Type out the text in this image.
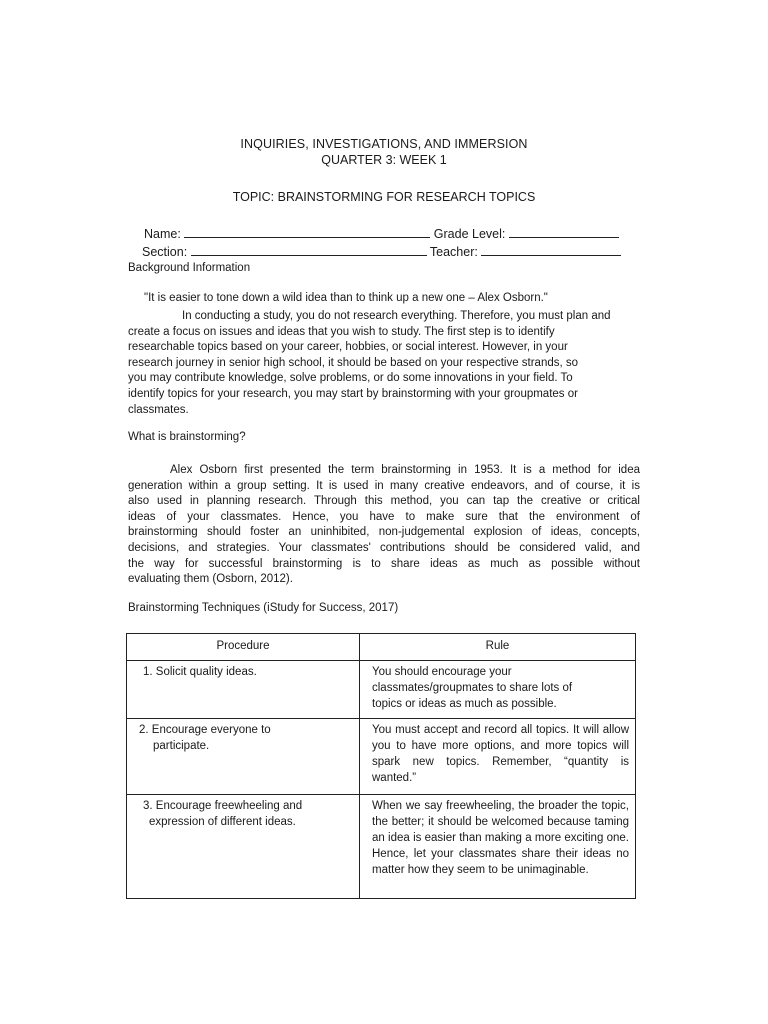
INQUIRIES, INVESTIGATIONS, AND IMMERSION
QUARTER 3: WEEK 1
TOPIC: BRAINSTORMING FOR RESEARCH TOPICS
Name:	Grade Level:
Section:	Teacher:
Background Information
"It is easier to tone down a wild idea than to think up a new one – Alex Osborn."
In conducting a study, you do not research everything. Therefore, you must plan and
create a focus on issues and ideas that you wish to study. The first step is to identify
researchable topics based on your career, hobbies, or social interest. However, in your
research journey in senior high school, it should be based on your respective strands, so
you may contribute knowledge, solve problems, or do some innovations in your field. To
identify topics for your research, you may start by brainstorming with your groupmates or
classmates.
What is brainstorming?
Alex Osborn first presented the term brainstorming in 1953. It is a method for idea
generation within a group setting. It is used in many creative endeavors, and of course, it is
also used in planning research. Through this method, you can tap the creative or critical
ideas of your classmates. Hence, you have to make sure that the environment of
brainstorming should foster an uninhibited, non-judgemental explosion of ideas, concepts,
decisions, and strategies. Your classmates' contributions should be considered valid, and
the way for successful brainstorming is to share ideas as much as possible without
evaluating them (Osborn, 2012).
Brainstorming Techniques (iStudy for Success, 2017)
Procedure	Rule

1. Solicit quality ideas.	You should encourage your classmates/groupmates to share lots of topics or ideas as much as possible.

2. Encourage everyone to
participate.	You must accept and record all topics. It will allow you to have more options, and more topics will spark new topics. Remember, “quantity is wanted.”

3. Encourage freewheeling and
expression of different ideas.	When we say freewheeling, the broader the topic, the better; it should be welcomed because taming an idea is easier than making a more exciting one. Hence, let your classmates share their ideas no matter how they seem to be unimaginable.
